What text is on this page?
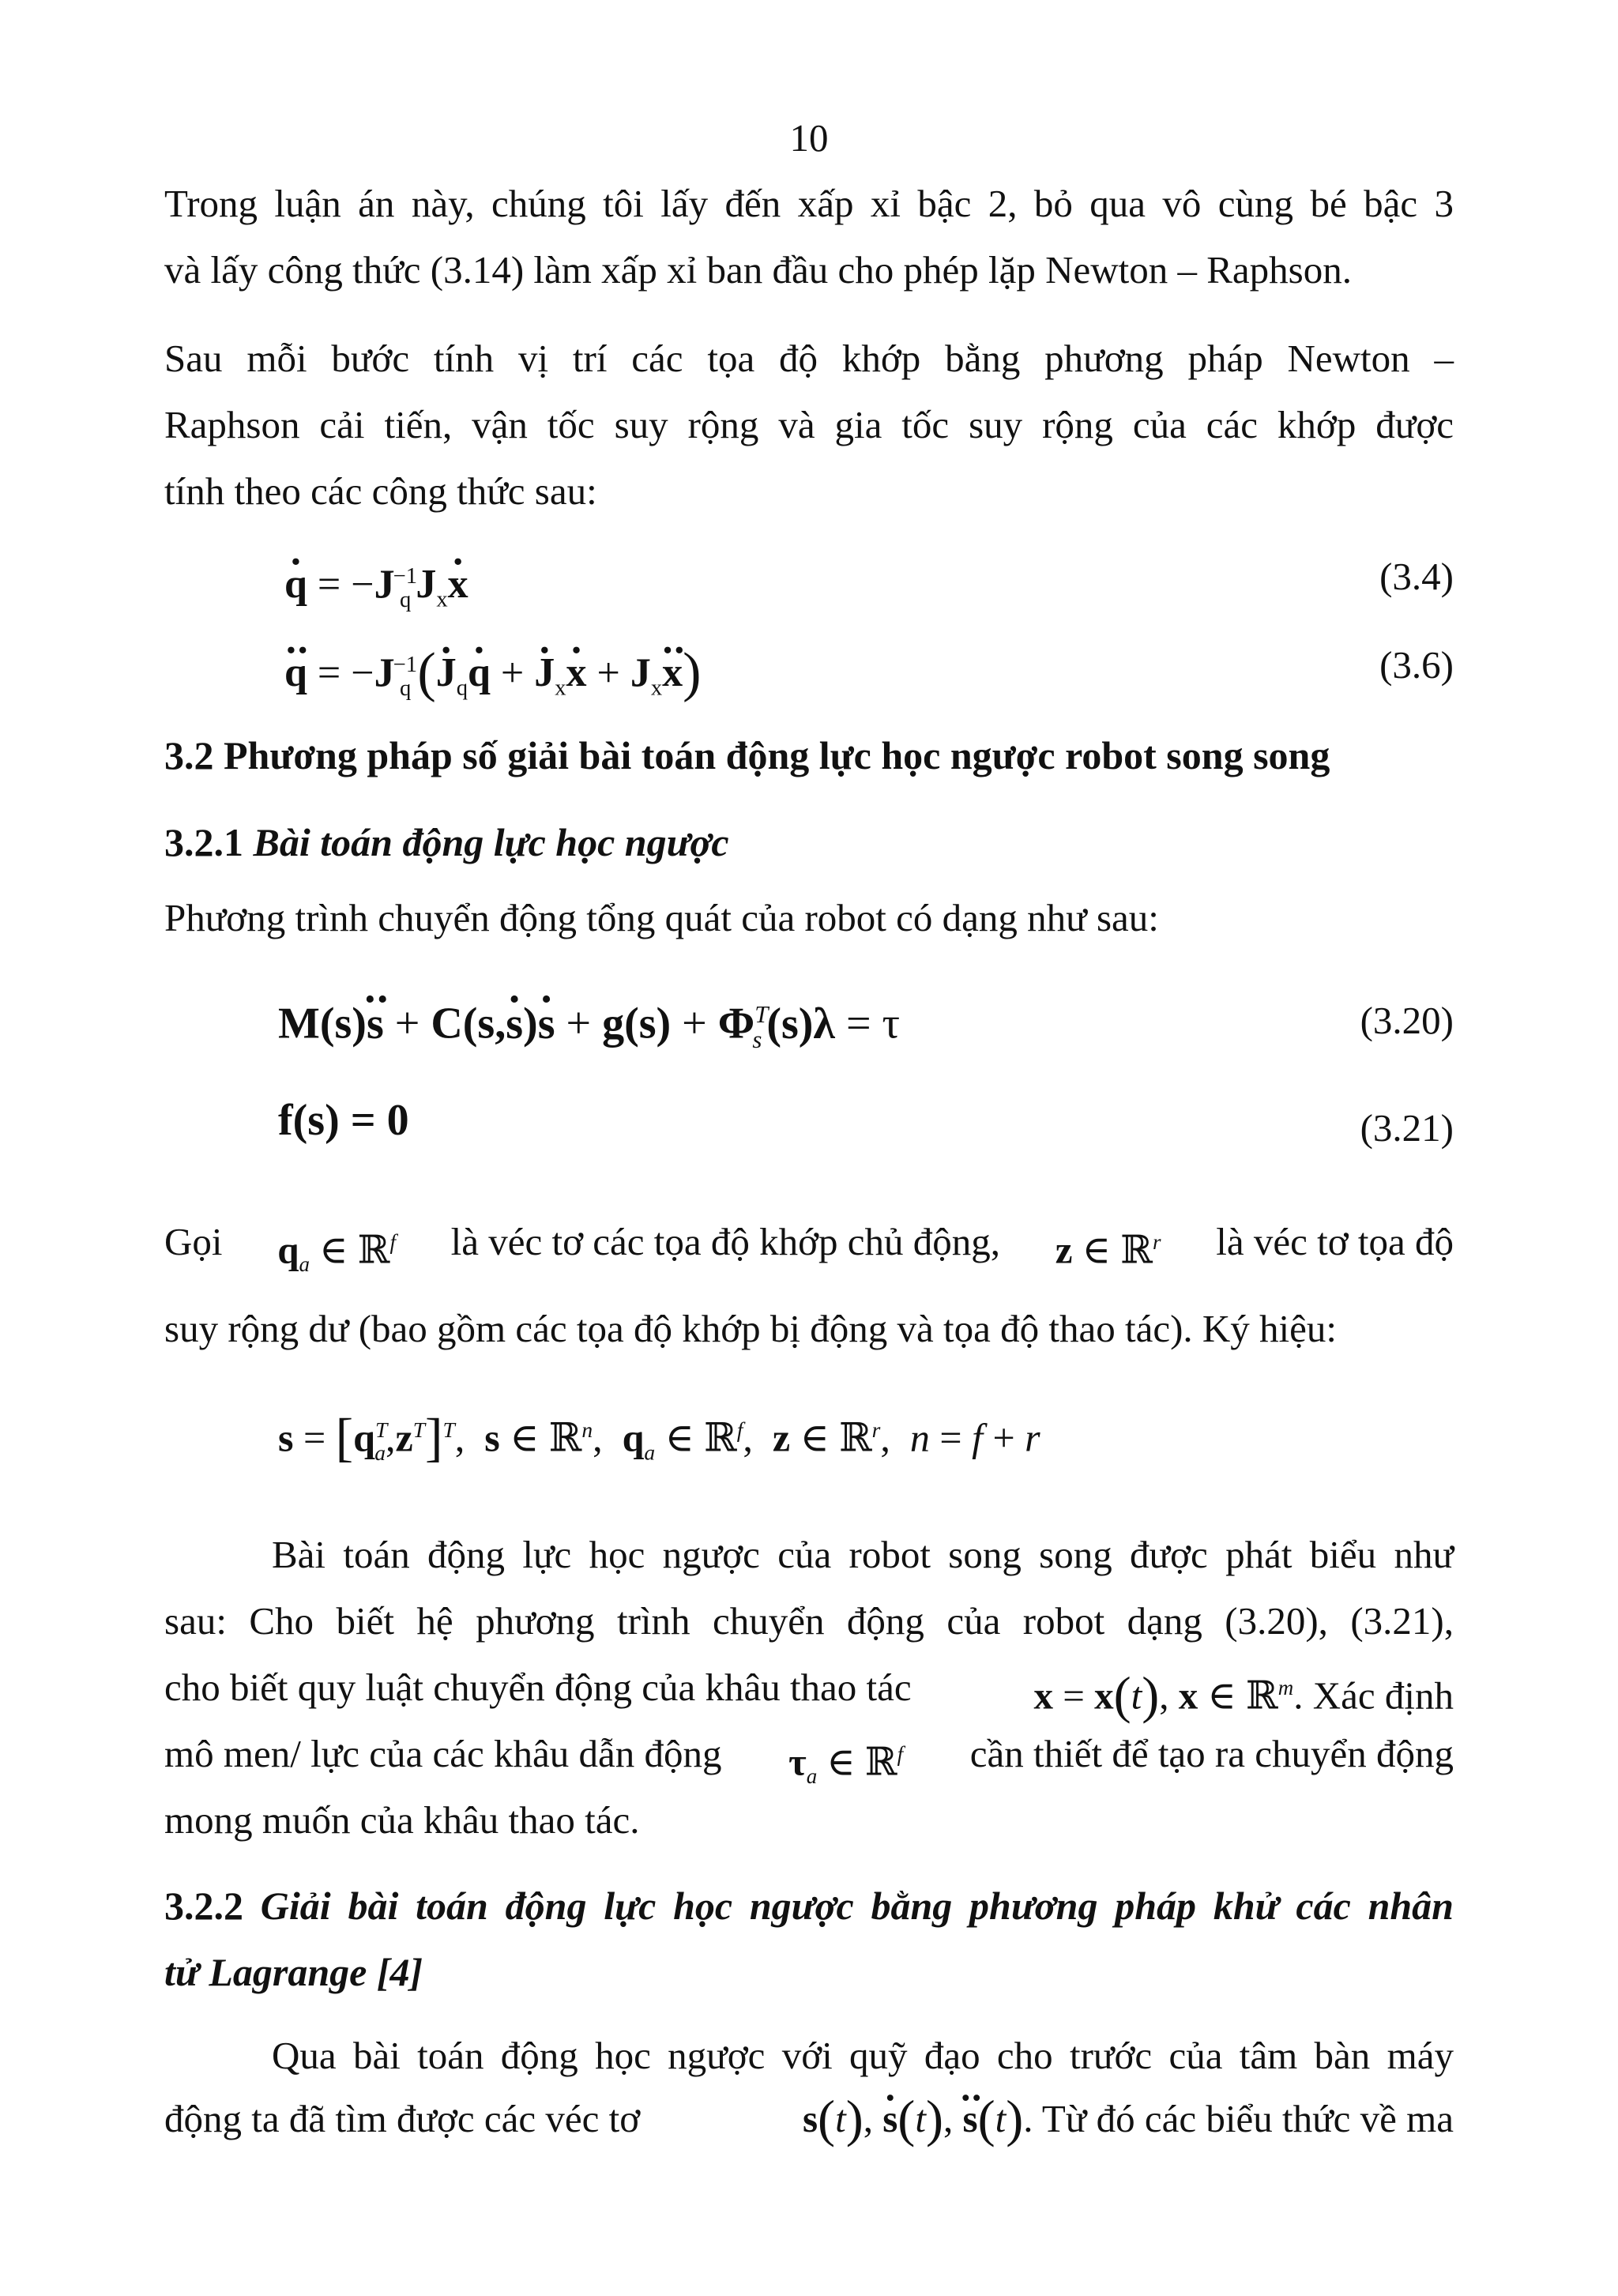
10
Trong luận án này, chúng tôi lấy đến xấp xỉ bậc 2, bỏ qua vô cùng bé bậc 3
và lấy công thức (3.14) làm xấp xỉ ban đầu cho phép lặp Newton – Raphson.
Sau mỗi bước tính vị trí các tọa độ khớp bằng phương pháp Newton –
Raphson cải tiến, vận tốc suy rộng và gia tốc suy rộng của các khớp được
tính theo các công thức sau:
· $q = -J^{-1}_q$ $J_x\cdot x$	(3.4)
·· $q = -J^{-1}_q$ (· $J_q\cdot q$ + · $J_x\cdot x + J_x\cdot\cdot x$)	(3.6)
3.2 Phương pháp số giải bài toán động lực học ngược robot song song
3.2.1 Bài toán động lực học ngược
Phương trình chuyển động tổng quát của robot có dạng như sau:
$M(s)\cdot\cdot s + C(s,\cdot s)\cdot s + g(s) + \Phi^T_s$ (s)λ = τ	(3.20)
f(s) = 0	(3.21)
Gọi $q_a$ ∈ ℝ$^f$ là véc tơ các tọa độ khớp chủ động, z ∈ ℝ$^r$ là véc tơ tọa độ
suy rộng dư (bao gồm các tọa độ khớp bị động và tọa độ thao tác). Ký hiệu:
$s = [q^T_a,z^T]^T$,  s ∈ ℝ$^n$,  $q_a$ ∈ ℝ$^f$,  z ∈ ℝ$^r$,  n = f + r
Bài toán động lực học ngược của robot song song được phát biểu như
sau: Cho biết hệ phương trình chuyển động của robot dạng (3.20), (3.21),
cho biết quy luật chuyển động của khâu thao tác	x = x(t), x ∈ ℝ$^m$. Xác định
mô men/ lực của các khâu dẫn động $\tau_a$ ∈ ℝ$^f$ cần thiết để tạo ra chuyển động
mong muốn của khâu thao tác.
3.2.2 Giải bài toán động lực học ngược bằng phương pháp khử các nhân
tử Lagrange [4]
Qua bài toán động học ngược với quỹ đạo cho trước của tâm bàn máy
động ta đã tìm được các véc tơ	s(t), · s(t), ·· s(t). Từ đó các biểu thức về ma
